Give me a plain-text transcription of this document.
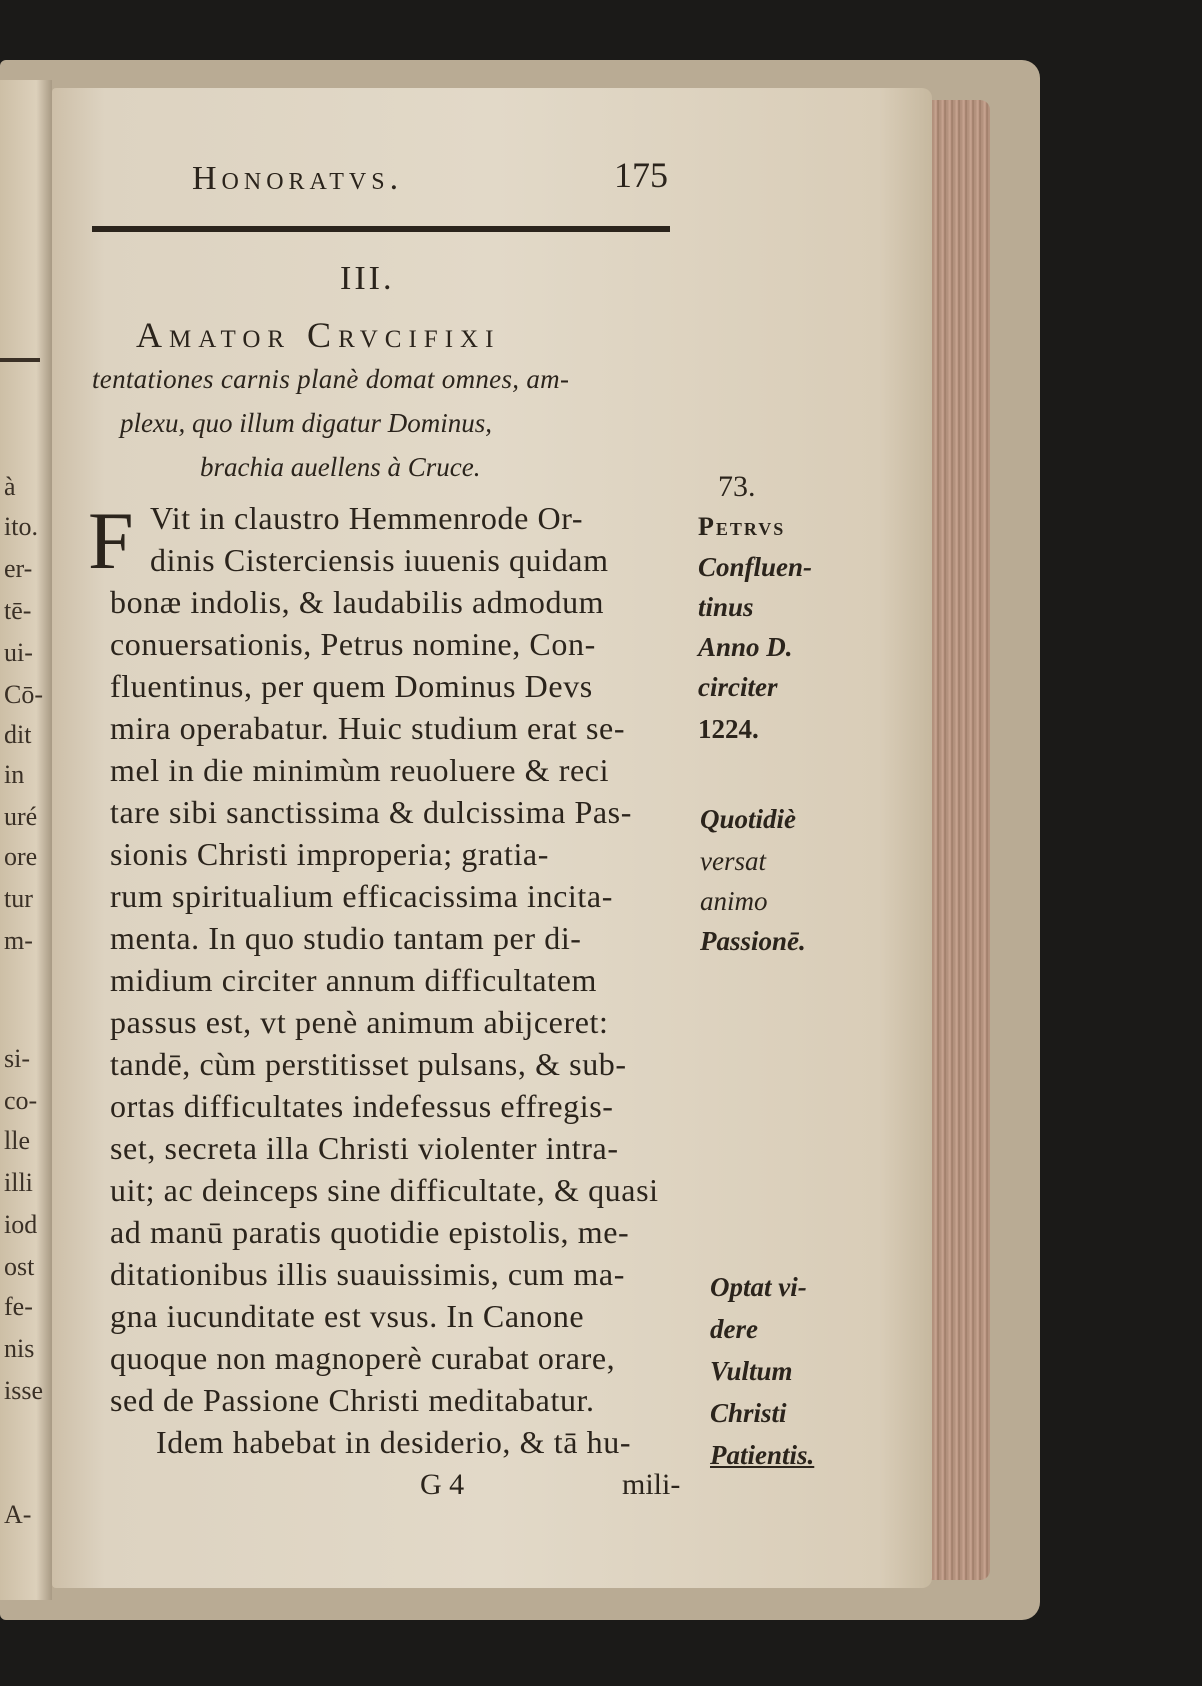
à
ito.
er-
tē-
ui-
Cō-
dit
in
uré
ore
tur
m-
si-
co-
lle
illi
iod
ost
fe-
nis
isse
A-
Honoratvs.	175
III.
Amator Crvcifixi
tentationes carnis planè domat omnes, am-
plexu, quo illum digatur Dominus,
brachia auellens à Cruce.
F Vit in claustro Hemmenrode Or-
dinis Cisterciensis iuuenis quidam
bonæ indolis, & laudabilis admodum
conuersationis, Petrus nomine, Con-
fluentinus, per quem Dominus Devs
mira operabatur. Huic studium erat se-
mel in die minimùm reuoluere & reci
tare sibi sanctissima & dulcissima Pas-
sionis Christi improperia; gratia-
rum spiritualium efficacissima incita-
menta. In quo studio tantam per di-
midium circiter annum difficultatem
passus est, vt penè animum abijceret:
tandē, cùm perstitisset pulsans, & sub-
ortas difficultates indefessus effregis-
set, secreta illa Christi violenter intra-
uit; ac deinceps sine difficultate, & quasi
ad manū paratis quotidie epistolis, me-
ditationibus illis suauissimis, cum ma-
gna iucunditate est vsus. In Canone
quoque non magnoperè curabat orare,
sed de Passione Christi meditabatur.
Idem habebat in desiderio, & tā hu-
G 4	mili-
73.
Petrvs
Confluen-
tinus
Anno D.
circiter
1224.
Quotidiè
versat
animo
Passionē.
Optat vi-
dere
Vultum
Christi
Patientis.
